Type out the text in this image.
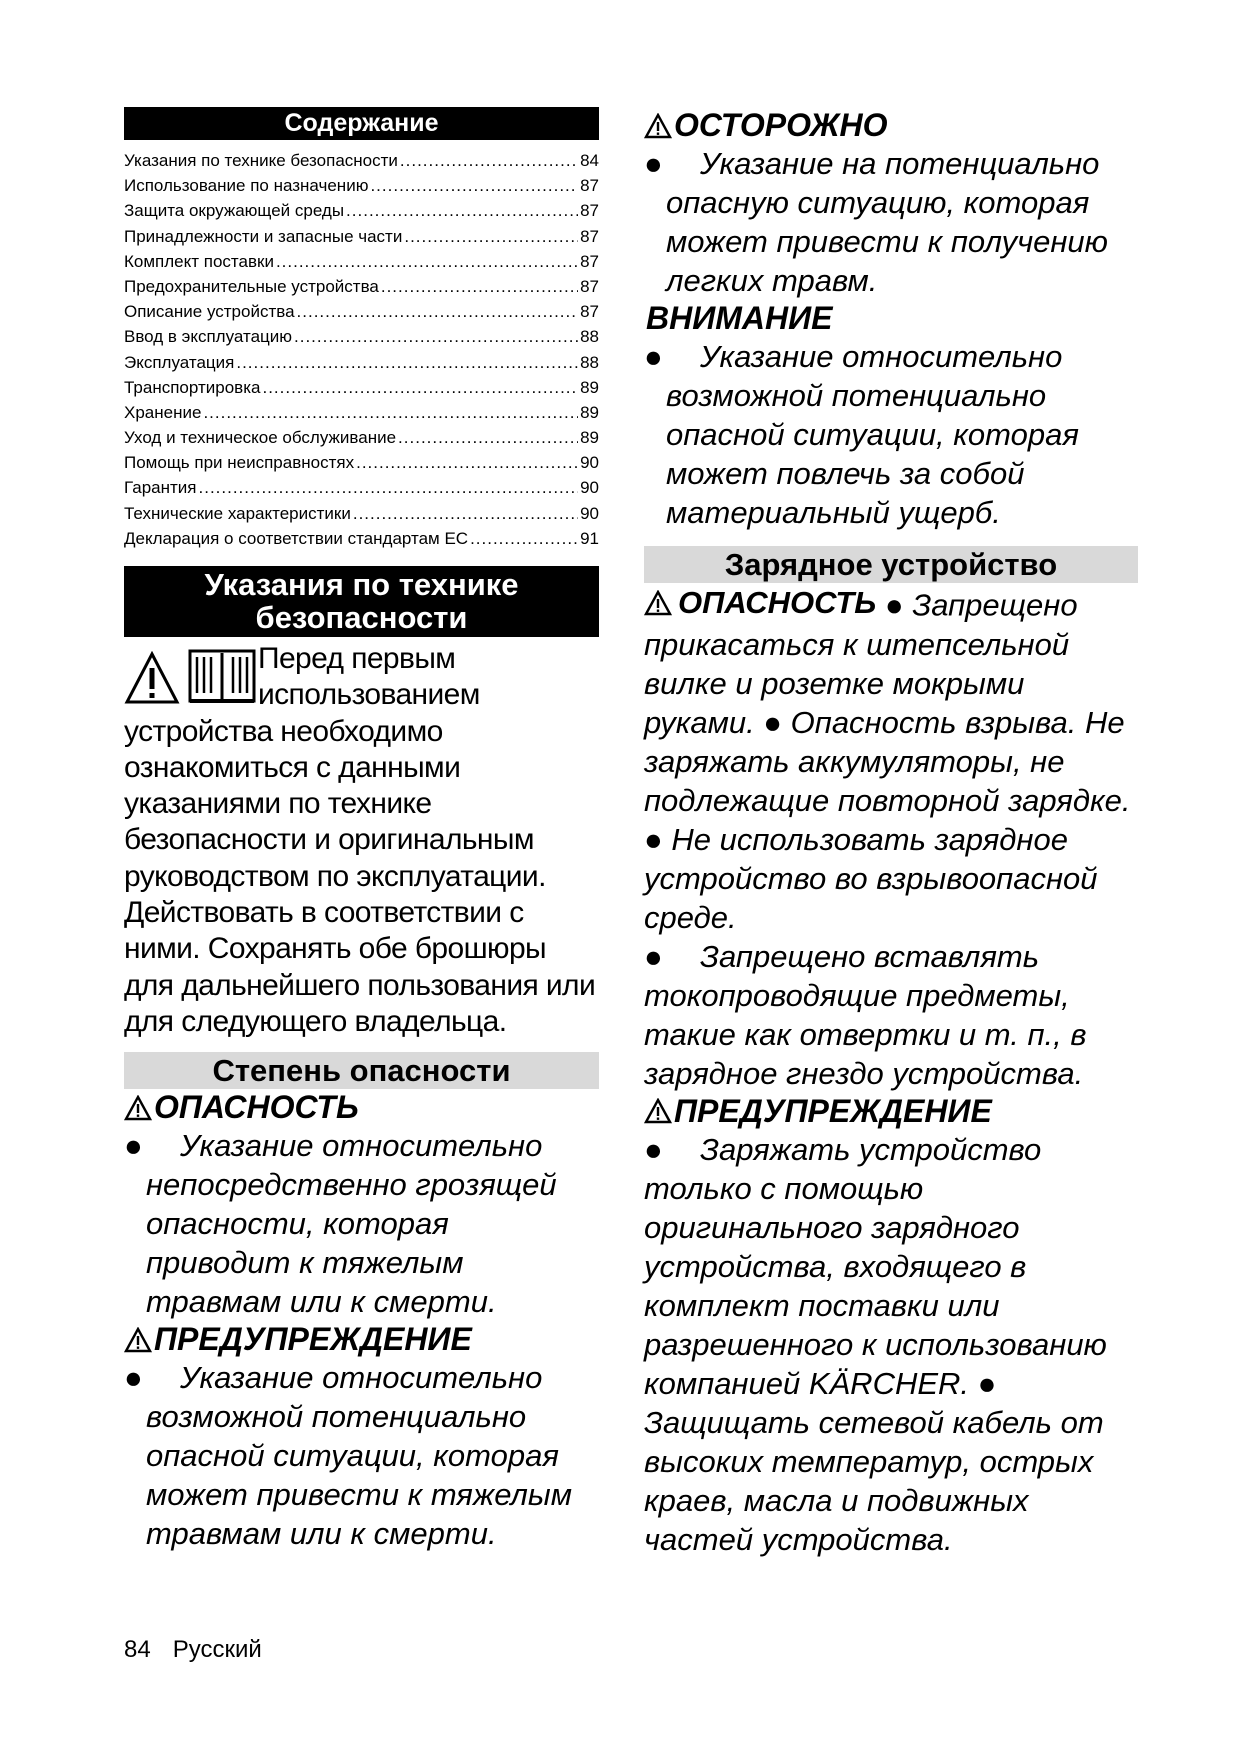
Содержание
Указания по технике безопасности .....	84
Использование по назначению .....	87
Защита окружающей среды .....	87
Принадлежности и запасные части .....	87
Комплект поставки .....	87
Предохранительные устройства .....	87
Описание устройства .....	87
Ввод в эксплуатацию .....	88
Эксплуатация .....	88
Транспортировка .....	89
Хранение .....	89
Уход и техническое обслуживание .....	89
Помощь при неисправностях .....	90
Гарантия .....	90
Технические характеристики .....	90
Декларация о соответствии стандартам ЕС .....	91
Указания по технике
безопасности

Перед первым использованием устройства необходимо ознакомиться с данными указаниями по технике безопасности и оригинальным руководством по эксплуатации. Действовать в соответствии с ними. Сохранять обе брошюры для дальнейшего пользования или для следующего владельца.

Степень опасности
ОПАСНОСТЬ
●	Указание относительно непосредственно грозящей опасности, которая приводит к тяжелым травмам или к смерти.
ПРЕДУПРЕЖДЕНИЕ
●	Указание относительно возможной потенциально опасной ситуации, которая может привести к тяжелым травмам или к смерти.
ОСТОРОЖНО
●	Указание на потенциально опасную ситуацию, которая может привести к получению легких травм.
ВНИМАНИЕ
●	Указание относительно возможной потенциально опасной ситуации, которая может повлечь за собой материальный ущерб.
Зарядное устройство
ОПАСНОСТЬ ● Запрещено прикасаться к штепсельной вилке и розетке мокрыми руками. ● Опасность взрыва. Не заряжать аккумуляторы, не подлежащие повторной зарядке. ● Не использовать зарядное устройство во взрывоопасной среде.
●	Запрещено вставлять токопроводящие предметы, такие как отвертки и т. п., в зарядное гнездо устройства.
ПРЕДУПРЕЖДЕНИЕ
●	Заряжать устройство только с помощью оригинального зарядного устройства, входящего в комплект поставки или разрешенного к использованию компанией KÄRCHER. ● Защищать сетевой кабель от высоких температур, острых краев, масла и подвижных частей устройства.
84 Русский
